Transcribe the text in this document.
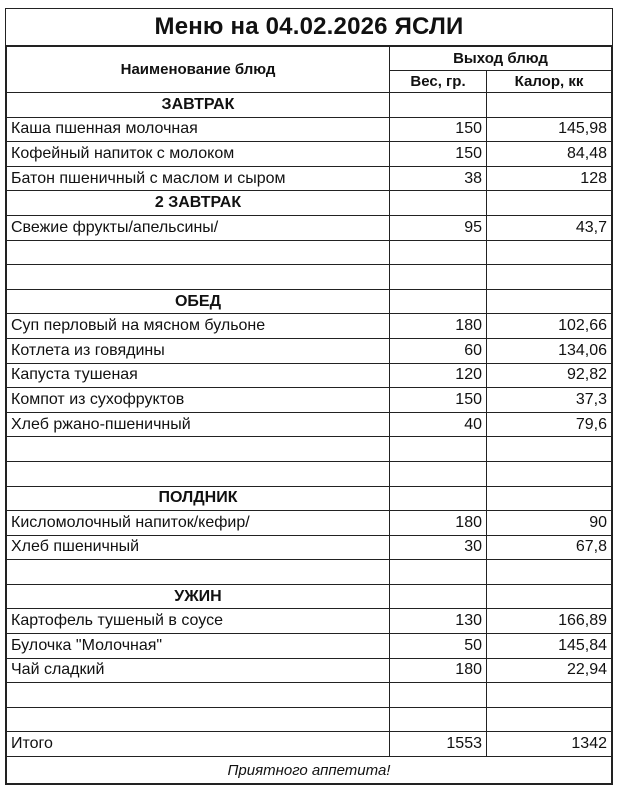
Меню на 04.02.2026 ЯСЛИ
Наименование блюд	Выход блюд	
	Вес, гр.	Калор, кк
ЗАВТРАК		
Каша пшенная молочная	150	145,98
Кофейный напиток с молоком	150	84,48
Батон пшеничный с маслом и сыром	38	128
2 ЗАВТРАК		
Свежие фрукты/апельсины/	95	43,7

ОБЕД		
Суп перловый на мясном бульоне	180	102,66
Котлета из говядины	60	134,06
Капуста тушеная	120	92,82
Компот из сухофруктов	150	37,3
Хлеб ржано-пшеничный	40	79,6

ПОЛДНИК		
Кисломолочный напиток/кефир/	180	90
Хлеб пшеничный	30	67,8

УЖИН		
Картофель тушеный в соусе	130	166,89
Булочка "Молочная"	50	145,84
Чай сладкий	180	22,94

Итого	1553	1342
Приятного аппетита!		
